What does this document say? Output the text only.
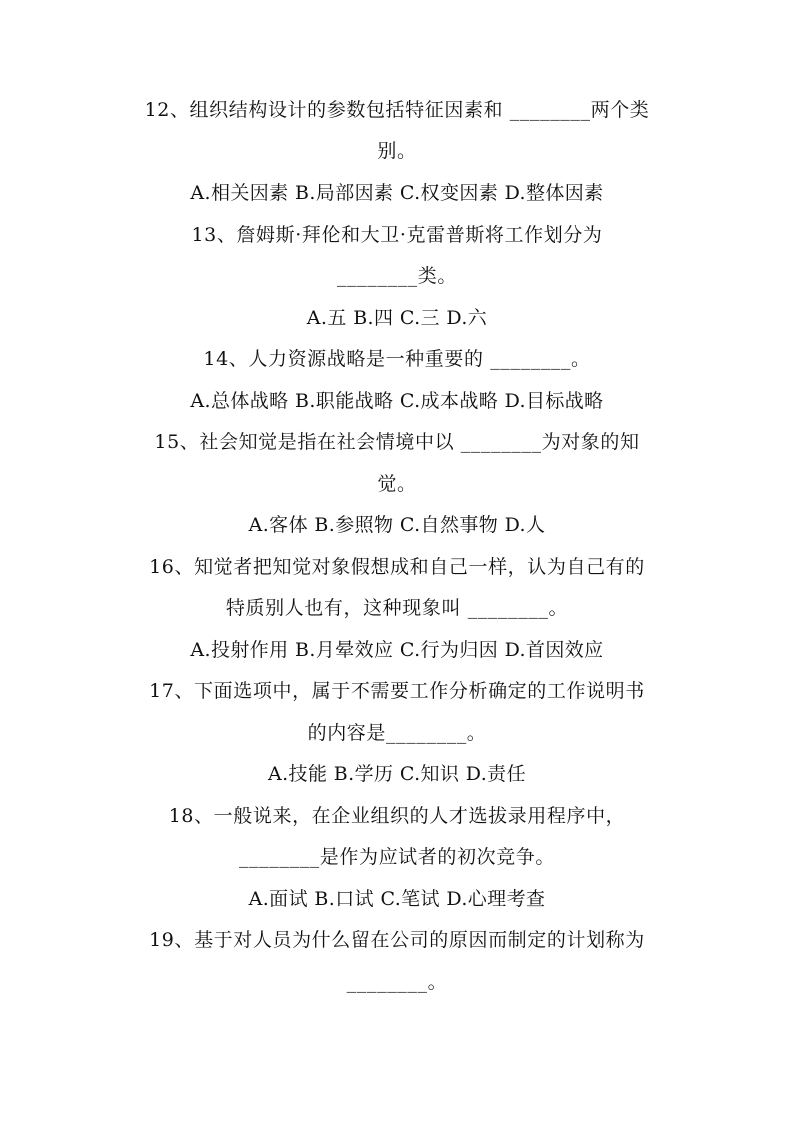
12、组织结构设计的参数包括特征因素和 ________两个类
别。
A.相关因素 B.局部因素 C.权变因素 D.整体因素
13、詹姆斯·拜伦和大卫·克雷普斯将工作划分为
________类。
A.五 B.四 C.三 D.六
14、人力资源战略是一种重要的 ________。
A.总体战略 B.职能战略 C.成本战略 D.目标战略
15、社会知觉是指在社会情境中以 ________为对象的知
觉。
A.客体 B.参照物 C.自然事物 D.人
16、知觉者把知觉对象假想成和自己一样，认为自己有的
特质别人也有，这种现象叫 ________。
A.投射作用 B.月晕效应 C.行为归因 D.首因效应
17、下面选项中，属于不需要工作分析确定的工作说明书
的内容是________。
A.技能 B.学历 C.知识 D.责任
18、一般说来，在企业组织的人才选拔录用程序中，
________是作为应试者的初次竞争。
A.面试 B.口试 C.笔试 D.心理考查
19、基于对人员为什么留在公司的原因而制定的计划称为
________。
